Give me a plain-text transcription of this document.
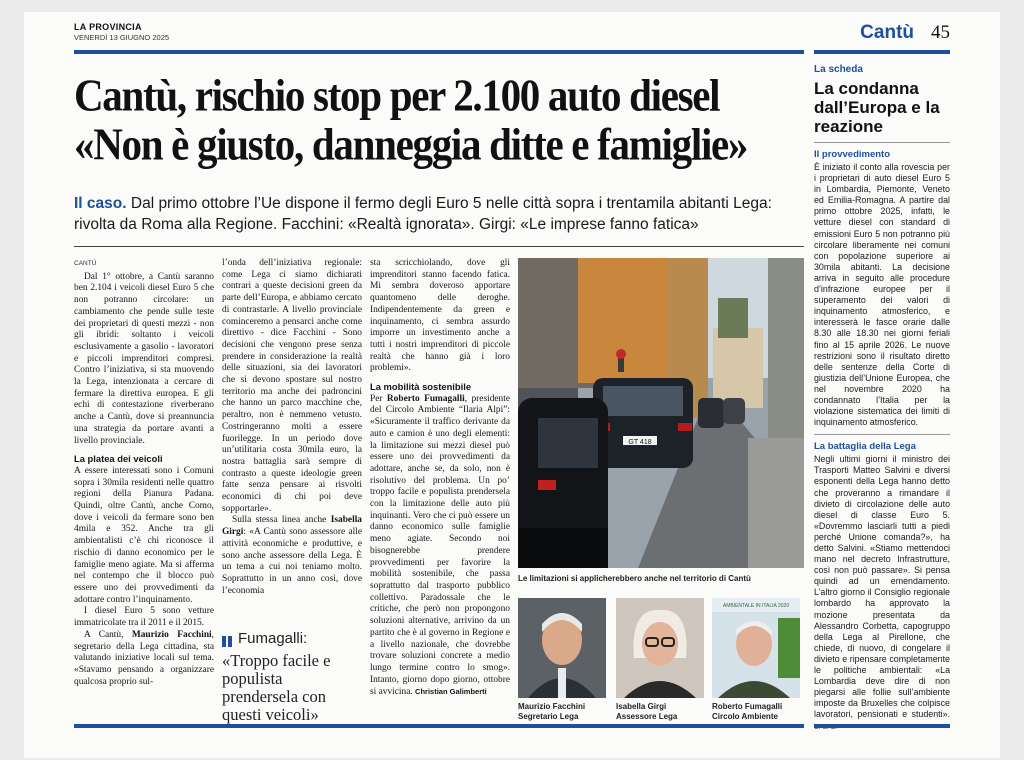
LA PROVINCIA
VENERDÌ 13 GIUGNO 2025	Cantù 45
Cantù, rischio stop per 2.100 auto diesel
«Non è giusto, danneggia ditte e famiglie»
Il caso. Dal primo ottobre l’Ue dispone il fermo degli Euro 5 nelle città sopra i trentamila abitanti Lega: rivolta da Roma alla Regione. Facchini: «Realtà ignorata». Girgi: «Le imprese fanno fatica»
CANTÙ

Dal 1° ottobre, a Cantù saranno ben 2.104 i veicoli diesel Euro 5 che non potranno circolare: un cambiamento che pende sulle teste dei proprietari di questi mezzi - non gli ibridi: soltanto i veicoli esclusivamente a gasolio - lavoratori e piccoli imprenditori compresi. Contro l’iniziativa, si sta muovendo la Lega, intenzionata a cercare di fermare la direttiva europea. E gli echi di contestazione riverberano anche a Cantù, dove si preannuncia una strategia da portare avanti a livello provinciale.

La platea dei veicoli

A essere interessati sono i Comuni sopra i 30mila residenti nelle quattro regioni della Pianura Padana. Quindi, oltre Cantù, anche Como, dove i veicoli da fermare sono ben 4mila e 352. Anche tra gli ambientalisti c’è chi riconosce il rischio di danno economico per le famiglie meno agiate. Ma si afferma nel contempo che il blocco può essere uno dei provvedimenti da adottare contro l’inquinamento.

I diesel Euro 5 sono vetture immatricolate tra il 2011 e il 2015.

A Cantù, Maurizio Facchini, segretario della Lega cittadina, sta valutando iniziative locali sul tema. «Stavamo pensando a organizzare qualcosa proprio sul-

l’onda dell’iniziativa regionale: come Lega ci siamo dichiarati contrari a queste decisioni green da parte dell’Europa, e abbiamo cercato di contrastarle. A livello provinciale cominceremo a pensarci anche come direttivo - dice Facchini - Sono decisioni che vengono prese senza prendere in considerazione la realtà delle situazioni, sia dei lavoratori che si devono spostare sul nostro territorio ma anche dei padroncini che hanno un parco macchine che, peraltro, non è nemmeno vetusto. Costringeranno molti a essere fuorilegge. In un periodo dove un’utilitaria costa 30mila euro, la nostra battaglia sarà sempre di contrasto a queste ideologie green fatte senza pensare ai risvolti economici di chi poi deve sopportarle».

Sulla stessa linea anche Isabella Girgi: «A Cantù sono assessore alle attività economiche e produttive, e sono anche assessore della Lega. È un tema a cui noi teniamo molto. Soprattutto in un anno così, dove l’economia

Fumagalli:
«Troppo facile e populista prendersela con questi veicoli»

sta scricchiolando, dove gli imprenditori stanno facendo fatica. Mi sembra doveroso apportare quantomeno delle deroghe. Indipendentemente da green e inquinamento, ci sembra assurdo imporre un investimento anche a tutti i nostri imprenditori di piccole realtà che hanno già i loro problemi».

La mobilità sostenibile

Per Roberto Fumagalli, presidente del Circolo Ambiente “Ilaria Alpi”: «Sicuramente il traffico derivante da auto e camion è uno degli elementi: la limitazione sui mezzi diesel può essere uno dei provvedimenti da adottare, anche se, da solo, non è risolutivo del problema. Un po’ troppo facile e populista prendersela con la limitazione delle auto più inquinanti. Vero che ci può essere un danno economico sulle famiglie meno agiate. Secondo noi bisognerebbe prendere provvedimenti per favorire la mobilità sostenibile, che passa soprattutto dal trasporto pubblico collettivo. Paradossale che le critiche, che però non propongono soluzioni alternative, arrivino da un partito che è al governo in Regione e a livello nazionale, che dovrebbe trovare soluzioni concrete a medio lungo termine contro lo smog». Intanto, giorno dopo giorno, ottobre si avvicina. Christian Galimberti

GT 418
Le limitazioni si applicherebbero anche nel territorio di Cantù
AMBIENTALE IN ITALIA 2020
Maurizio Facchini
Segretario Lega
Isabella Girgi
Assessore Lega
Roberto Fumagalli
Circolo Ambiente
La scheda
La condanna dall’Europa e la reazione
Il provvedimento
È iniziato il conto alla rovescia per i proprietari di auto diesel Euro 5 in Lombardia, Piemonte, Veneto ed Emilia-Romagna. A partire dal primo ottobre 2025, infatti, le vetture diesel con standard di emissioni Euro 5 non potranno più circolare liberamente nei comuni con popolazione superiore ai 30mila abitanti. La decisione arriva in seguito alle procedure d’infrazione europee per il superamento dei valori di inquinamento atmosferico, e interesserà le fasce orarie dalle 8.30 alle 18.30 nei giorni feriali fino al 15 aprile 2026. Le nuove restrizioni sono il risultato diretto delle sentenze della Corte di giustizia dell’Unione Europea, che nel novembre 2020 ha condannato l’Italia per la violazione sistematica dei limiti di inquinamento atmosferico.
La battaglia della Lega
Negli ultimi giorni il ministro dei Trasporti Matteo Salvini e diversi esponenti della Lega hanno detto che proveranno a rimandare il divieto di circolazione delle auto diesel di classe Euro 5. «Dovremmo lasciarli tutti a piedi perché Unione comanda?», ha detto Salvini. «Stiamo mettendoci mano nel decreto Infrastrutture, così non può passare». Si pensa quindi ad un emendamento. L’altro giorno il Consiglio regionale lombardo ha approvato la mozione presentata da Alessandro Corbetta, capogruppo della Lega al Pirellone, che chiede, di nuovo, di congelare il divieto e ripensare completamente le politiche ambientali: «La Lombardia deve dire di non piegarsi alle follie sull’ambiente imposte da Bruxelles che colpisce lavoratori, pensionati e studenti».
